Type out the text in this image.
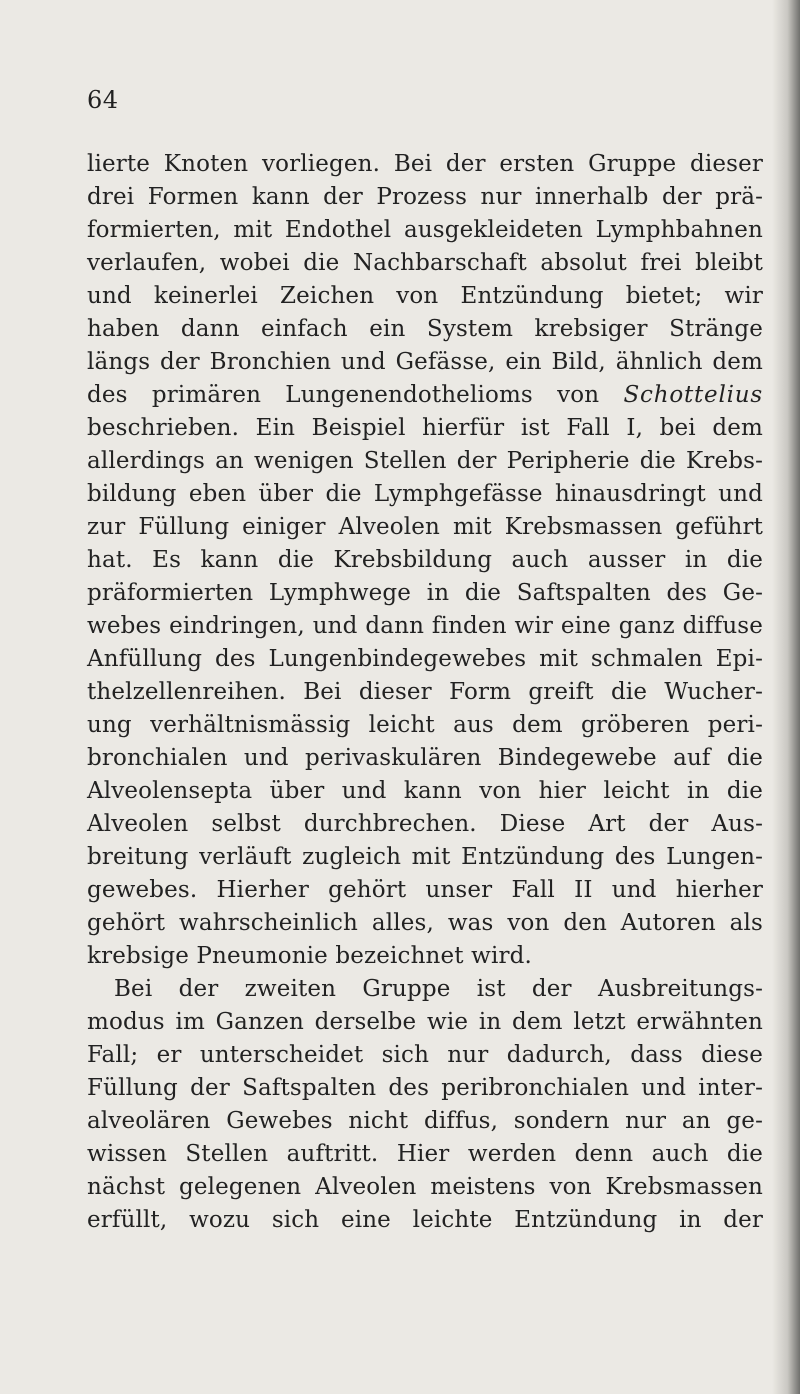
64
lierte Knoten vorliegen. Bei der ersten Gruppe dieser
drei Formen kann der Prozess nur innerhalb der prä-
formierten, mit Endothel ausgekleideten Lymphbahnen
verlaufen, wobei die Nachbarschaft absolut frei bleibt
und keinerlei Zeichen von Entzündung bietet; wir
haben dann einfach ein System krebsiger Stränge
längs der Bronchien und Gefässe, ein Bild, ähnlich dem
des primären Lungenendothelioms von Schottelius
beschrieben. Ein Beispiel hierfür ist Fall I, bei dem
allerdings an wenigen Stellen der Peripherie die Krebs-
bildung eben über die Lymphgefässe hinausdringt und
zur Füllung einiger Alveolen mit Krebsmassen geführt
hat. Es kann die Krebsbildung auch ausser in die
präformierten Lymphwege in die Saftspalten des Ge-
webes eindringen, und dann finden wir eine ganz diffuse
Anfüllung des Lungenbindegewebes mit schmalen Epi-
thelzellenreihen. Bei dieser Form greift die Wucher-
ung verhältnismässig leicht aus dem gröberen peri-
bronchialen und perivaskulären Bindegewebe auf die
Alveolensepta über und kann von hier leicht in die
Alveolen selbst durchbrechen. Diese Art der Aus-
breitung verläuft zugleich mit Entzündung des Lungen-
gewebes. Hierher gehört unser Fall II und hierher
gehört wahrscheinlich alles, was von den Autoren als
krebsige Pneumonie bezeichnet wird.
Bei der zweiten Gruppe ist der Ausbreitungs-
modus im Ganzen derselbe wie in dem letzt erwähnten
Fall; er unterscheidet sich nur dadurch, dass diese
Füllung der Saftspalten des peribronchialen und inter-
alveolären Gewebes nicht diffus, sondern nur an ge-
wissen Stellen auftritt. Hier werden denn auch die
nächst gelegenen Alveolen meistens von Krebsmassen
erfüllt, wozu sich eine leichte Entzündung in der
